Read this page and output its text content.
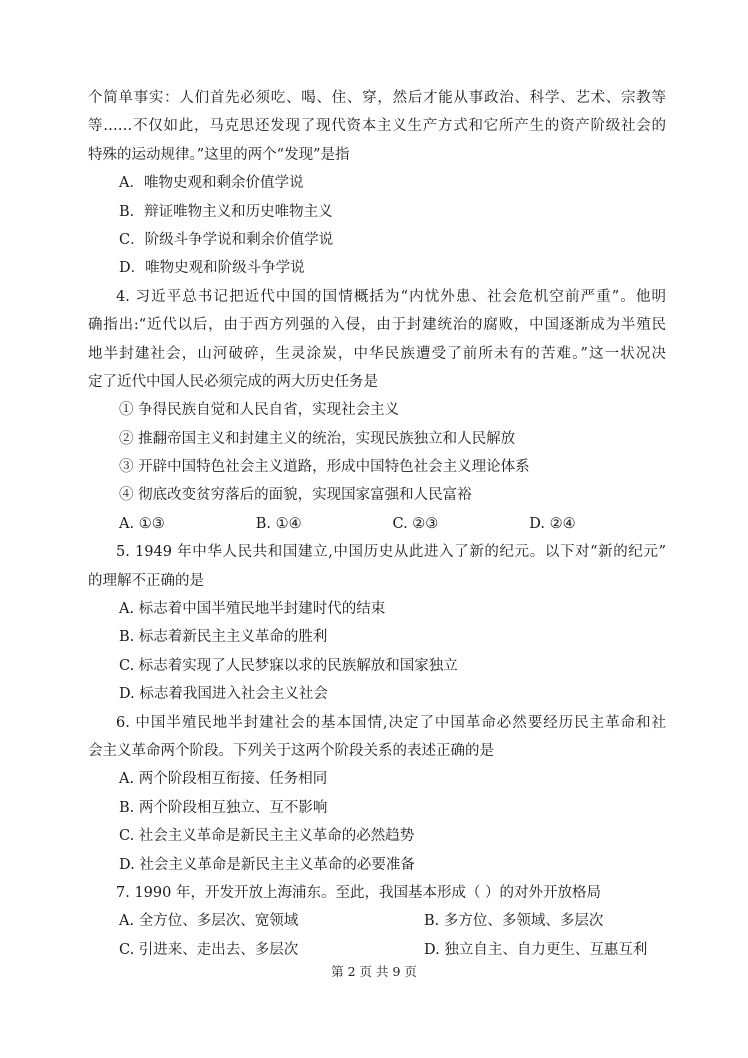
个简单事实：人们首先必须吃、喝、住、穿，然后才能从事政治、科学、艺术、宗教等
等……不仅如此，马克思还发现了现代资本主义生产方式和它所产生的资产阶级社会的
特殊的运动规律。”这里的两个“发现”是指
A．唯物史观和剩余价值学说
B．辩证唯物主义和历史唯物主义
C．阶级斗争学说和剩余价值学说
D．唯物史观和阶级斗争学说
4. 习近平总书记把近代中国的国情概括为“内忧外患、社会危机空前严重”。他明
确指出:“近代以后，由于西方列强的入侵，由于封建统治的腐败，中国逐渐成为半殖民
地半封建社会，山河破碎，生灵涂炭，中华民族遭受了前所未有的苦难。”这一状况决
定了近代中国人民必须完成的两大历史任务是
① 争得民族自觉和人民自省，实现社会主义
② 推翻帝国主义和封建主义的统治，实现民族独立和人民解放
③ 开辟中国特色社会主义道路，形成中国特色社会主义理论体系
④ 彻底改变贫穷落后的面貌，实现国家富强和人民富裕
A. ①③	B. ①④	C. ②③	D. ②④
5. 1949 年中华人民共和国建立,中国历史从此进入了新的纪元。以下对“新的纪元”
的理解不正确的是
A. 标志着中国半殖民地半封建时代的结束
B. 标志着新民主主义革命的胜利
C. 标志着实现了人民梦寐以求的民族解放和国家独立
D. 标志着我国进入社会主义社会
6. 中国半殖民地半封建社会的基本国情,决定了中国革命必然要经历民主革命和社
会主义革命两个阶段。下列关于这两个阶段关系的表述正确的是
A. 两个阶段相互衔接、任务相同
B. 两个阶段相互独立、互不影响
C. 社会主义革命是新民主主义革命的必然趋势
D. 社会主义革命是新民主主义革命的必要准备
7. 1990 年，开发开放上海浦东。至此，我国基本形成（ ）的对外开放格局
A. 全方位、多层次、宽领域	B. 多方位、多领域、多层次
C. 引进来、走出去、多层次	D. 独立自主、自力更生、互惠互利
第 2 页 共 9 页
